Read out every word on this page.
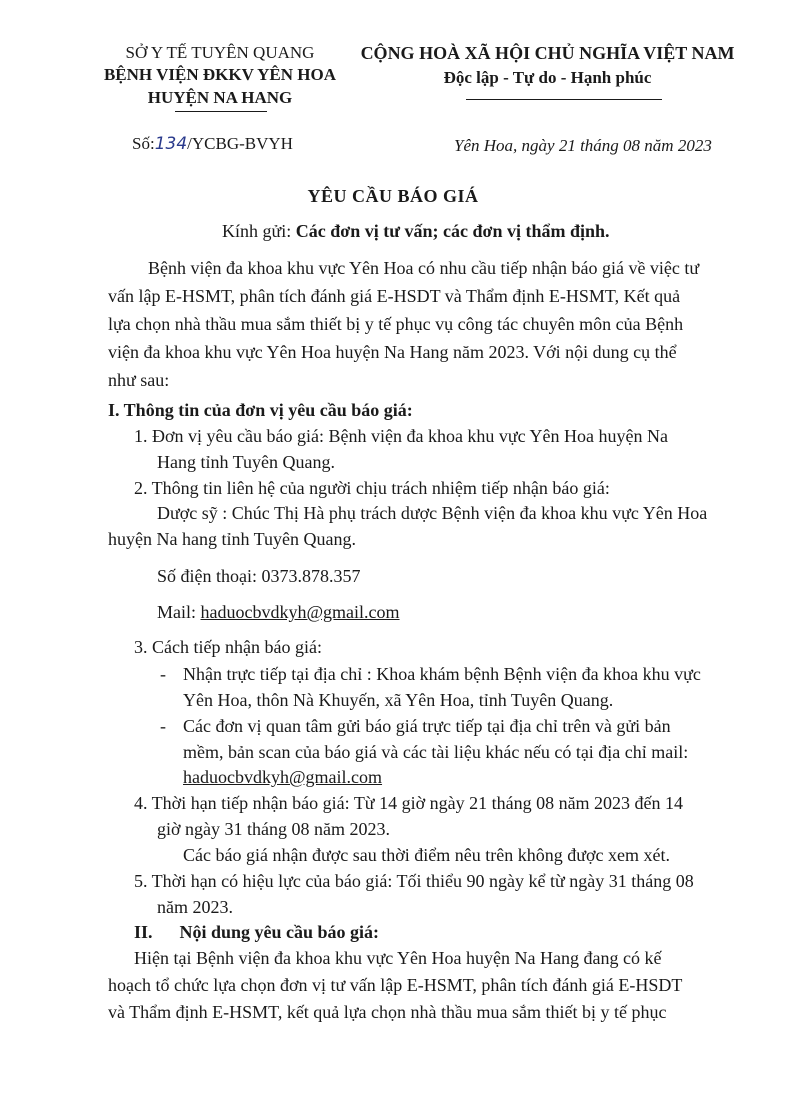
SỞ Y TẾ TUYÊN QUANG
BỆNH VIỆN ĐKKV YÊN HOA
HUYỆN NA HANG
CỘNG HOÀ XÃ HỘI CHỦ NGHĨA VIỆT NAM
Độc lập - Tự do - Hạnh phúc
Số:134/YCBG-BVYH	Yên Hoa, ngày 21 tháng 08 năm 2023
YÊU CẦU BÁO GIÁ
Kính gửi: Các đơn vị tư vấn; các đơn vị thẩm định.
Bệnh viện đa khoa khu vực Yên Hoa có nhu cầu tiếp nhận báo giá về việc tư
vấn lập E-HSMT, phân tích đánh giá E-HSDT và Thẩm định E-HSMT, Kết quả
lựa chọn nhà thầu mua sắm thiết bị y tế phục vụ công tác chuyên môn của Bệnh
viện đa khoa khu vực Yên Hoa huyện Na Hang năm 2023. Với nội dung cụ thể
như sau:
I. Thông tin của đơn vị yêu cầu báo giá:
1. Đơn vị yêu cầu báo giá: Bệnh viện đa khoa khu vực Yên Hoa huyện Na
Hang tỉnh Tuyên Quang.
2. Thông tin liên hệ của người chịu trách nhiệm tiếp nhận báo giá:
Dược sỹ : Chúc Thị Hà phụ trách dược Bệnh viện đa khoa khu vực Yên Hoa
huyện Na hang tỉnh Tuyên Quang.
Số điện thoại: 0373.878.357
Mail: haduocbvdkyh@gmail.com
3. Cách tiếp nhận báo giá:
- Nhận trực tiếp tại địa chỉ : Khoa khám bệnh Bệnh viện đa khoa khu vực
Yên Hoa, thôn Nà Khuyến, xã Yên Hoa, tỉnh Tuyên Quang.
- Các đơn vị quan tâm gửi báo giá trực tiếp tại địa chỉ trên và gửi bản
mềm, bản scan của báo giá và các tài liệu khác nếu có tại địa chỉ mail:
haduocbvdkyh@gmail.com
4. Thời hạn tiếp nhận báo giá: Từ 14 giờ ngày 21 tháng 08 năm 2023 đến 14
giờ ngày 31 tháng 08 năm 2023.
Các báo giá nhận được sau thời điểm nêu trên không được xem xét.
5. Thời hạn có hiệu lực của báo giá: Tối thiểu 90 ngày kể từ ngày 31 tháng 08
năm 2023.
II.      Nội dung yêu cầu báo giá:
Hiện tại Bệnh viện đa khoa khu vực Yên Hoa huyện Na Hang đang có kế
hoạch tổ chức lựa chọn đơn vị tư vấn lập E-HSMT, phân tích đánh giá E-HSDT
và Thẩm định E-HSMT, kết quả lựa chọn nhà thầu mua sắm thiết bị y tế phục
